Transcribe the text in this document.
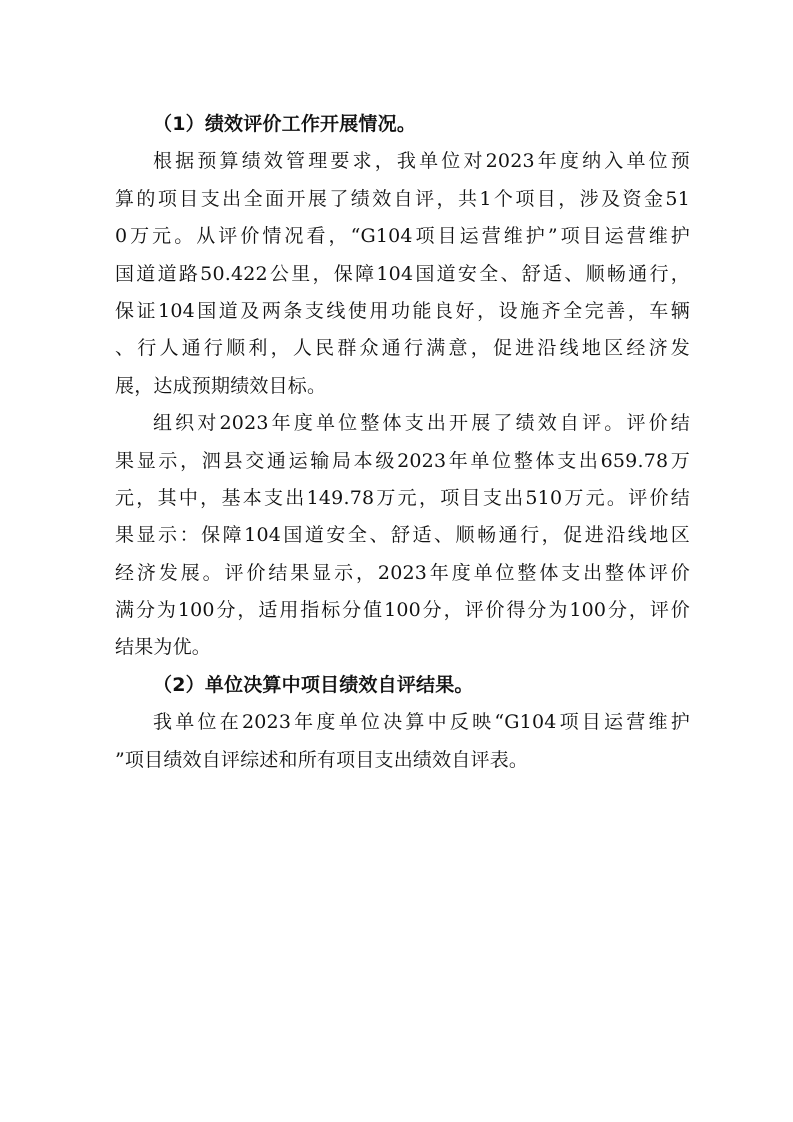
（1）绩效评价工作开展情况。
根据预算绩效管理要求，我单位对2023年度纳入单位预
算的项目支出全面开展了绩效自评，共1个项目，涉及资金51
0万元。从评价情况看，“G104项目运营维护”项目运营维护
国道道路50.422公里，保障104国道安全、舒适、顺畅通行，
保证104国道及两条支线使用功能良好，设施齐全完善，车辆
、行人通行顺利，人民群众通行满意，促进沿线地区经济发
展，达成预期绩效目标。
组织对2023年度单位整体支出开展了绩效自评。评价结
果显示，泗县交通运输局本级2023年单位整体支出659.78万
元，其中，基本支出149.78万元，项目支出510万元。评价结
果显示：保障104国道安全、舒适、顺畅通行，促进沿线地区
经济发展。评价结果显示，2023年度单位整体支出整体评价
满分为100分，适用指标分值100分，评价得分为100分，评价
结果为优。
（2）单位决算中项目绩效自评结果。
我单位在2023年度单位决算中反映“G104项目运营维护
”项目绩效自评综述和所有项目支出绩效自评表。
